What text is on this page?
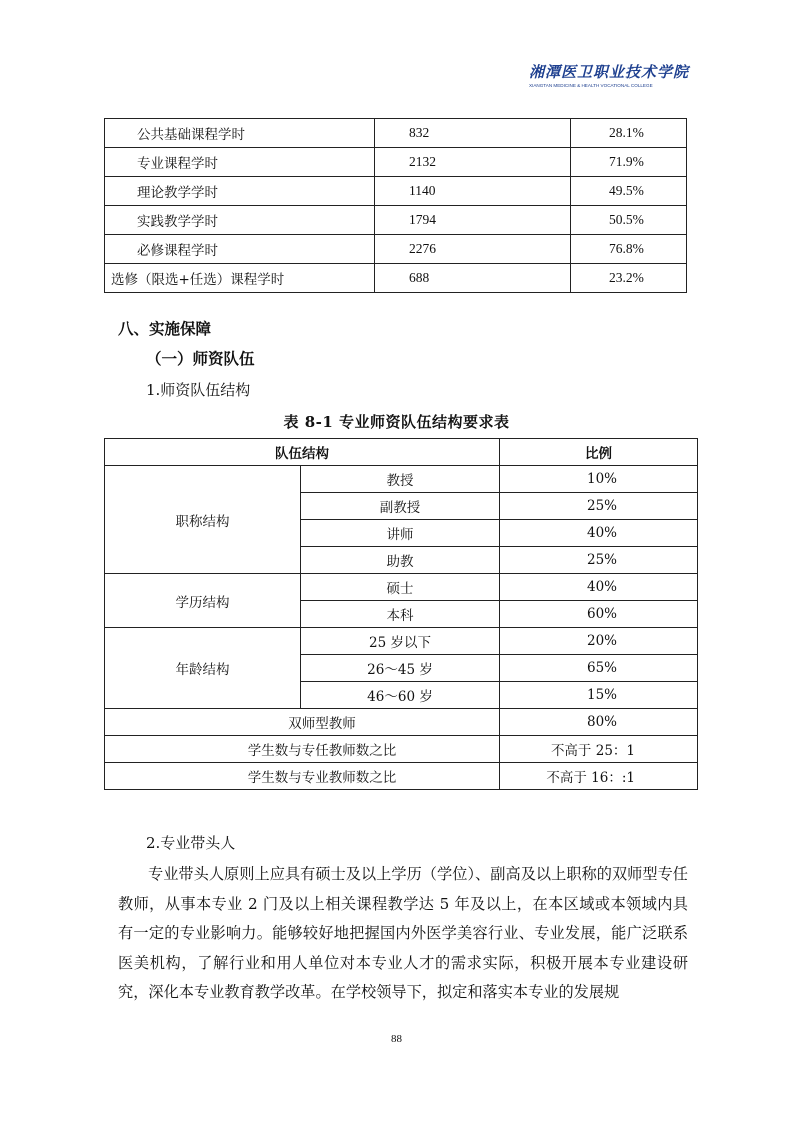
湘潭医卫职业技术学院
XIANGTAN MEDICINE & HEALTH VOCATIONAL COLLEGE
公共基础课程学时	832	28.1%
专业课程学时	2132	71.9%
理论教学学时	1140	49.5%
实践教学学时	1794	50.5%
必修课程学时	2276	76.8%
选修（限选+任选）课程学时	688	23.2%
八、实施保障
（一）师资队伍
1.师资队伍结构
表 8-1 专业师资队伍结构要求表
队伍结构		比例
职称结构	教授	10%
	副教授	25%
	讲师	40%
	助教	25%
学历结构	硕士	40%
	本科	60%
年龄结构	25 岁以下	20%
	26～45 岁	65%
	46～60 岁	15%
双师型教师		80%
学生数与专任教师数之比		不高于 25：1
学生数与专业教师数之比		不高于 16：:1
2.专业带头人

专业带头人原则上应具有硕士及以上学历（学位）、副高及以上职称的双师型专任教师，从事本专业 2 门及以上相关课程教学达 5 年及以上，在本区域或本领域内具有一定的专业影响力。能够较好地把握国内外医学美容行业、专业发展，能广泛联系医美机构，了解行业和用人单位对本专业人才的需求实际，积极开展本专业建设研究，深化本专业教育教学改革。在学校领导下，拟定和落实本专业的发展规

88
